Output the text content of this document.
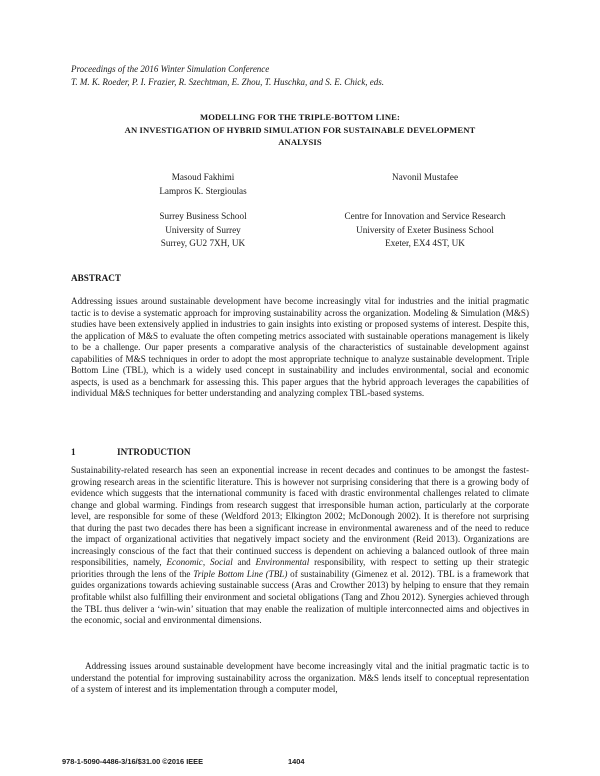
Proceedings of the 2016 Winter Simulation Conference
T. M. K. Roeder, P. I. Frazier, R. Szechtman, E. Zhou, T. Huschka, and S. E. Chick, eds.
MODELLING FOR THE TRIPLE-BOTTOM LINE:
AN INVESTIGATION OF HYBRID SIMULATION FOR SUSTAINABLE DEVELOPMENT
ANALYSIS
Masoud Fakhimi
Lampros K. Stergioulas
Navonil Mustafee
Surrey Business School
University of Surrey
Surrey, GU2 7XH, UK
Centre for Innovation and Service Research
University of Exeter Business School
Exeter, EX4 4ST, UK
ABSTRACT
Addressing issues around sustainable development have become increasingly vital for industries and the initial pragmatic tactic is to devise a systematic approach for improving sustainability across the organization. Modeling & Simulation (M&S) studies have been extensively applied in industries to gain insights into existing or proposed systems of interest. Despite this, the application of M&S to evaluate the often competing metrics associated with sustainable operations management is likely to be a challenge. Our paper presents a comparative analysis of the characteristics of sustainable development against capabilities of M&S techniques in order to adopt the most appropriate technique to analyze sustainable development. Triple Bottom Line (TBL), which is a widely used concept in sustainability and includes environmental, social and economic aspects, is used as a benchmark for assessing this. This paper argues that the hybrid approach leverages the capabilities of individual M&S techniques for better understanding and analyzing complex TBL-based systems.
1	INTRODUCTION
Sustainability-related research has seen an exponential increase in recent decades and continues to be amongst the fastest-growing research areas in the scientific literature. This is however not surprising considering that there is a growing body of evidence which suggests that the international community is faced with drastic environmental challenges related to climate change and global warming. Findings from research suggest that irresponsible human action, particularly at the corporate level, are responsible for some of these (Weldford 2013; Elkington 2002; McDonough 2002). It is therefore not surprising that during the past two decades there has been a significant increase in environmental awareness and of the need to reduce the impact of organizational activities that negatively impact society and the environment (Reid 2013). Organizations are increasingly conscious of the fact that their continued success is dependent on achieving a balanced outlook of three main responsibilities, namely, Economic, Social and Environmental responsibility, with respect to setting up their strategic priorities through the lens of the Triple Bottom Line (TBL) of sustainability (Gimenez et al. 2012). TBL is a framework that guides organizations towards achieving sustainable success (Aras and Crowther 2013) by helping to ensure that they remain profitable whilst also fulfilling their environment and societal obligations (Tang and Zhou 2012). Synergies achieved through the TBL thus deliver a ‘win-win’ situation that may enable the realization of multiple interconnected aims and objectives in the economic, social and environmental dimensions.
Addressing issues around sustainable development have become increasingly vital and the initial pragmatic tactic is to understand the potential for improving sustainability across the organization. M&S lends itself to conceptual representation of a system of interest and its implementation through a computer model,
978-1-5090-4486-3/16/$31.00 ©2016 IEEE	1404
